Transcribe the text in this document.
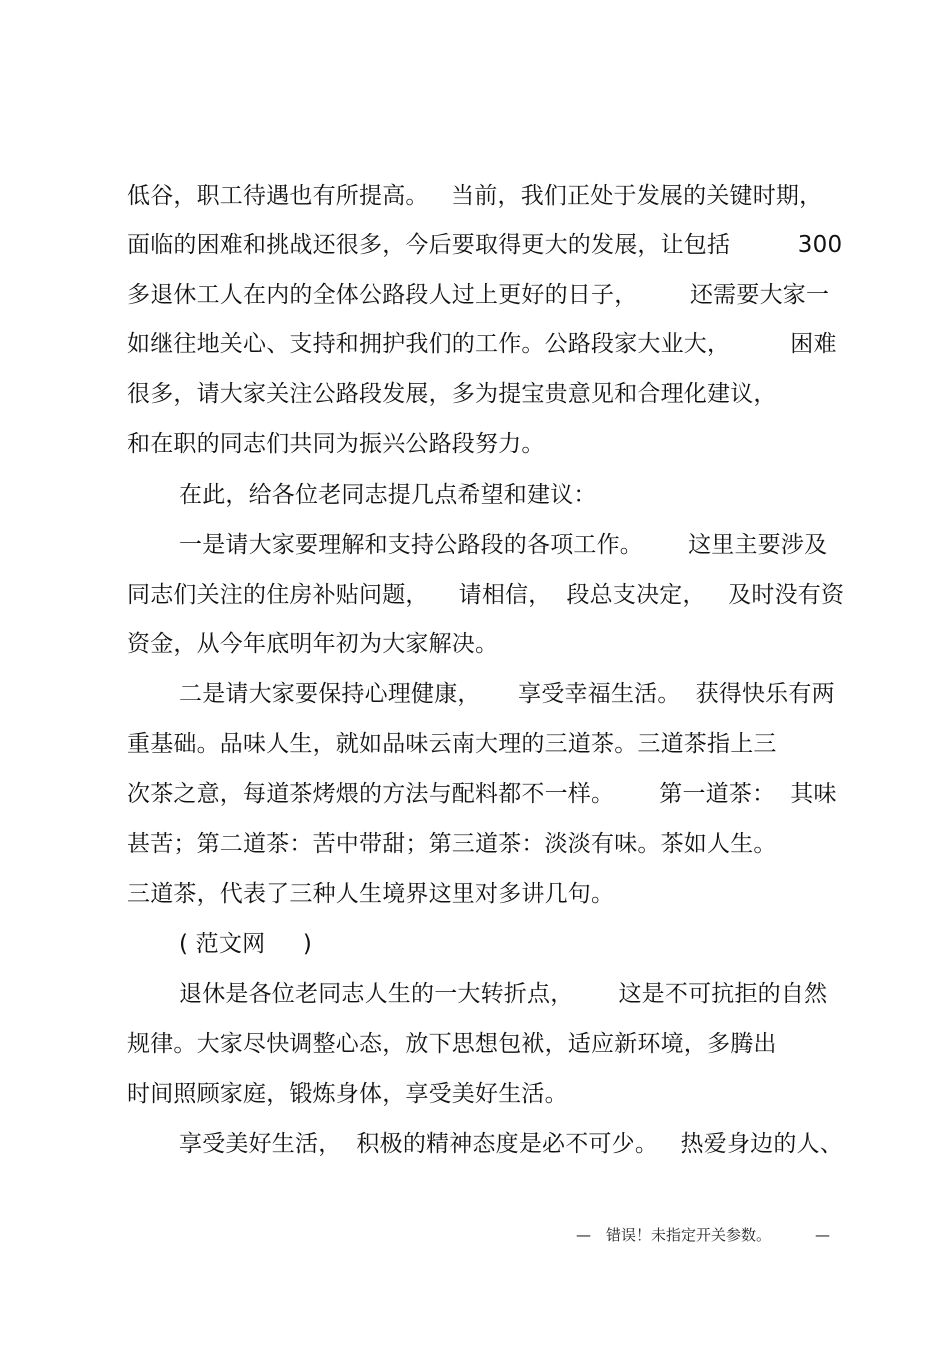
低谷，职工待遇也有所提高。   当前，我们正处于发展的关键时期，
面临的困难和挑战还很多，今后要取得更大的发展，让包括         300
多退休工人在内的全体公路段人过上更好的日子，       还需要大家一
如继往地关心、支持和拥护我们的工作。公路段家大业大，        困难
很多，请大家关注公路段发展，多为提宝贵意见和合理化建议，
和在职的同志们共同为振兴公路段努力。
在此，给各位老同志提几点希望和建议：
一是请大家要理解和支持公路段的各项工作。      这里主要涉及
同志们关注的住房补贴问题，    请相信，  段总支决定，   及时没有资
资金，从今年底明年初为大家解决。
二是请大家要保持心理健康，     享受幸福生活。  获得快乐有两
重基础。品味人生，就如品味云南大理的三道茶。三道茶指上三
次茶之意，每道茶烤煨的方法与配料都不一样。      第一道茶：  其味
甚苦；第二道茶：苦中带甜；第三道茶：淡淡有味。茶如人生。
三道茶，代表了三种人生境界这里对多讲几句。
( 范文网     )
退休是各位老同志人生的一大转折点，      这是不可抗拒的自然
规律。大家尽快调整心态，放下思想包袱，适应新环境，多腾出
时间照顾家庭，锻炼身体，享受美好生活。
享受美好生活，  积极的精神态度是必不可少。   热爱身边的人、
— 错误！未指定开关参数。	—
